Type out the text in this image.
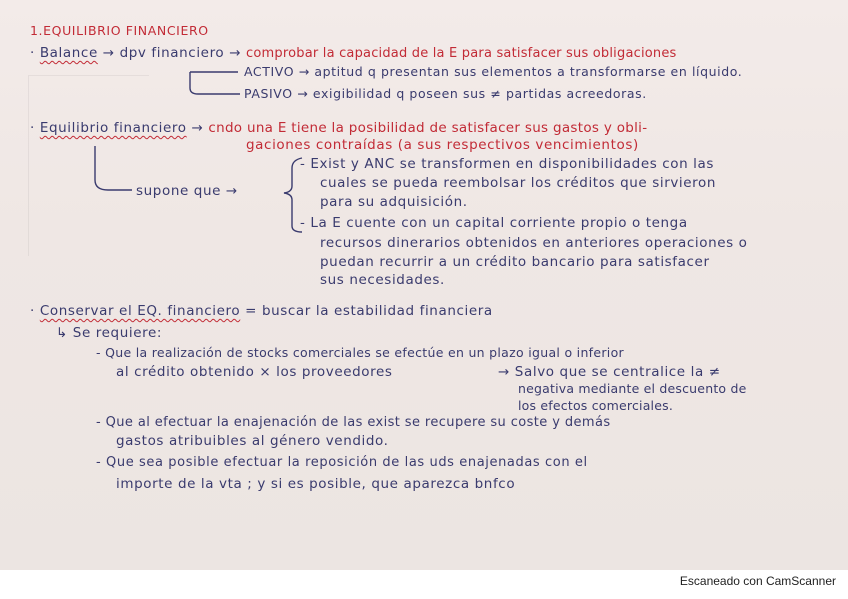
1.EQUILIBRIO FINANCIERO
· Balance → dpv financiero → comprobar la capacidad de la E para satisfacer sus obligaciones
ACTIVO → aptitud q presentan sus elementos a transformarse en líquido.
PASIVO → exigibilidad q poseen sus ≠ partidas acreedoras.
· Equilibrio financiero → cndo una E tiene la posibilidad de satisfacer sus gastos y obli-
gaciones contraídas (a sus respectivos vencimientos)
supone que →
- Exist y ANC se transformen en disponibilidades con las
cuales se pueda reembolsar los créditos que sirvieron
para su adquisición.
- La E cuente con un capital corriente propio o tenga
recursos dinerarios obtenidos en anteriores operaciones o
puedan recurrir a un crédito bancario para satisfacer
sus necesidades.
· Conservar el EQ. financiero = buscar la estabilidad financiera
↳ Se requiere:
- Que la realización de stocks comerciales se efectúe en un plazo igual o inferior
al crédito obtenido × los proveedores	→ Salvo que se centralice la ≠
negativa mediante el descuento de
los efectos comerciales.
- Que al efectuar la enajenación de las exist se recupere su coste y demás
gastos atribuibles al género vendido.
- Que sea posible efectuar la reposición de las uds enajenadas con el
importe de la vta ; y si es posible, que aparezca bnfco
Escaneado con CamScanner
